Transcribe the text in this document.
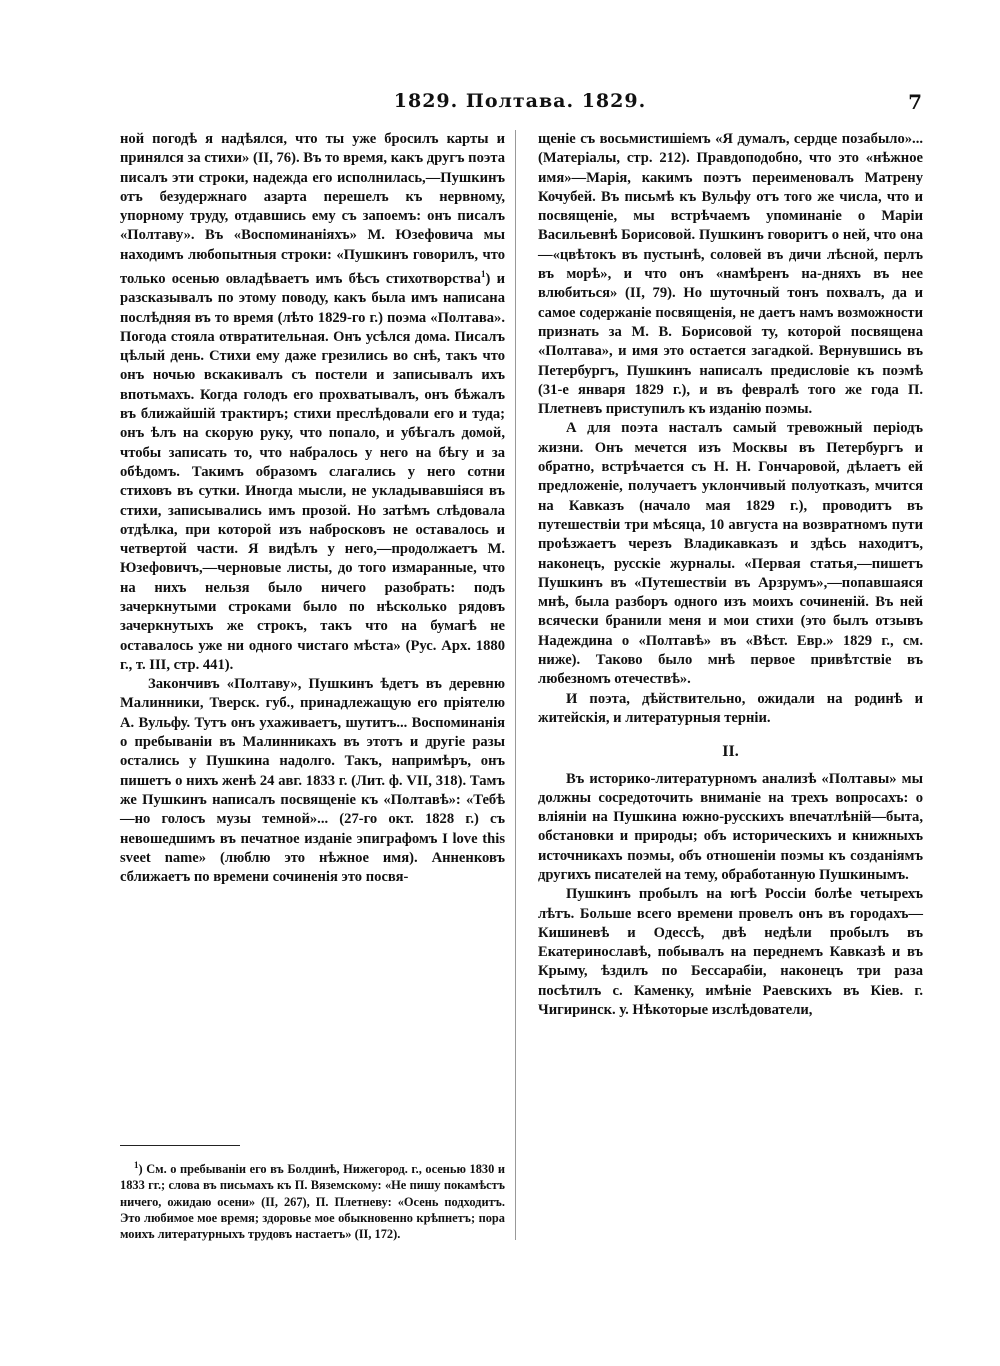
1829. Полтава. 1829.	7

ной погодѣ я надѣялся, что ты уже бросилъ карты и принялся за стихи» (II, 76). Въ то время, какъ другъ поэта писалъ эти строки, надежда его исполнилась,—Пушкинъ отъ безудержнаго азарта перешелъ къ нервному, упорному труду, отдавшись ему съ запоемъ: онъ писалъ «Полтаву». Въ «Воспоминаніяхъ» М. Юзефовича мы находимъ любопытныя строки: «Пушкинъ говорилъ, что только осенью овладѣваетъ имъ бѣсъ стихотворства$^1$) и разсказывалъ по этому поводу, какъ была имъ написана послѣдняя въ то время (лѣто 1829-го г.) поэма «Полтава». Погода стояла отвратительная. Онъ усѣлся дома. Писалъ цѣлый день. Стихи ему даже грезились во снѣ, такъ что онъ ночью вскакивалъ съ постели и записывалъ ихъ впотьмахъ. Когда голодъ его прохватывалъ, онъ бѣжалъ въ ближайшій трактиръ; стихи преслѣдовали его и туда; онъ ѣлъ на скорую руку, что попало, и убѣгалъ домой, чтобы записать то, что набралось у него на бѣгу и за обѣдомъ. Такимъ образомъ слагались у него сотни стиховъ въ сутки. Иногда мысли, не укладывавшіяся въ стихи, записывались имъ прозой. Но затѣмъ слѣдовала отдѣлка, при которой изъ набросковъ не оставалось и четвертой части. Я видѣлъ у него,—продолжаетъ М. Юзефовичъ,—черновые листы, до того измаранные, что на нихъ нельзя было ничего разобрать: подъ зачеркнутыми строками было по нѣсколько рядовъ зачеркнутыхъ же строкъ, такъ что на бумагѣ не оставалось уже ни одного чистаго мѣста» (Рус. Арх. 1880 г., т. III, стр. 441).

Закончивъ «Полтаву», Пушкинъ ѣдетъ въ деревню Малинники, Тверск. губ., принадлежащую его пріятелю А. Вульфу. Тутъ онъ ухаживаетъ, шутитъ... Воспоминанія о пребываніи въ Малинникахъ въ этотъ и другіе разы остались у Пушкина надолго. Такъ, напримѣръ, онъ пишетъ о нихъ женѣ 24 авг. 1833 г. (Лит. ф. VII, 318). Тамъ же Пушкинъ написалъ посвященіе къ «Полтавѣ»: «Тебѣ—но голосъ музы темной»... (27-го окт. 1828 г.) съ невошедшимъ въ печатное изданіе эпиграфомъ I love this sveet name» (люблю это нѣжное имя). Анненковъ сближаетъ по времени сочиненія это посвя-

щеніе съ восьмистишіемъ «Я думалъ, сердце позабыло»... (Матеріалы, стр. 212). Правдоподобно, что это «нѣжное имя»—Марія, какимъ поэтъ переименовалъ Матрену Кочубей. Въ письмѣ къ Вульфу отъ того же числа, что и посвященіе, мы встрѣчаемъ упоминаніе о Маріи Васильевнѣ Борисовой. Пушкинъ говоритъ о ней, что она—«цвѣтокъ въ пустынѣ, соловей въ дичи лѣсной, перлъ въ морѣ», и что онъ «намѣренъ на-дняхъ въ нее влюбиться» (II, 79). Но шуточный тонъ похвалъ, да и самое содержаніе посвященія, не даетъ намъ возможности признать за М. В. Борисовой ту, которой посвящена «Полтава», и имя это остается загадкой. Вернувшись въ Петербургъ, Пушкинъ написалъ предисловіе къ поэмѣ (31-е января 1829 г.), и въ февралѣ того же года П. Плетневъ приступилъ къ изданію поэмы.

А для поэта насталъ самый тревожный періодъ жизни. Онъ мечется изъ Москвы въ Петербургъ и обратно, встрѣчается съ Н. Н. Гончаровой, дѣлаетъ ей предложеніе, получаетъ уклончивый полуотказъ, мчится на Кавказъ (начало мая 1829 г.), проводитъ въ путешествіи три мѣсяца, 10 августа на возвратномъ пути проѣзжаетъ черезъ Владикавказъ и здѣсь находитъ, наконецъ, русскіе журналы. «Первая статья,—пишетъ Пушкинъ въ «Путешествіи въ Арзрумъ»,—попавшаяся мнѣ, была разборъ одного изъ моихъ сочиненій. Въ ней всячески бранили меня и мои стихи (это былъ отзывъ Надеждина о «Полтавѣ» въ «Вѣст. Евр.» 1829 г., см. ниже). Таково было мнѣ первое привѣтствіе въ любезномъ отечествѣ».

И поэта, дѣйствительно, ожидали на родинѣ и житейскія, и литературныя терніи.

II.

Въ историко-литературномъ анализѣ «Полтавы» мы должны сосредоточить вниманіе на трехъ вопросахъ: о вліяніи на Пушкина южно-русскихъ впечатлѣній—быта, обстановки и природы; объ историческихъ и книжныхъ источникахъ поэмы, объ отношеніи поэмы къ созданіямъ другихъ писателей на тему, обработанную Пушкинымъ.

Пушкинъ пробылъ на югѣ Россіи болѣе четырехъ лѣтъ. Больше всего времени провелъ онъ въ городахъ—Кишиневѣ и Одессѣ, двѣ недѣли пробылъ въ Екатеринославѣ, побывалъ на переднемъ Кавказѣ и въ Крыму, ѣздилъ по Бессарабіи, наконецъ три раза посѣтилъ с. Каменку, имѣніе Раевскихъ въ Кіев. г. Чигиринск. у. Нѣкоторые изслѣдователи,

$^1$) См. о пребываніи его въ Болдинѣ, Нижегород. г., осенью 1830 и 1833 гг.; слова въ письмахъ къ П. Вяземскому: «Не пишу покамѣстъ ничего, ожидаю осени» (II, 267), П. Плетневу: «Осень подходитъ. Это любимое мое время; здоровье мое обыкновенно крѣпнетъ; пора моихъ литературныхъ трудовъ настаетъ» (II, 172).
